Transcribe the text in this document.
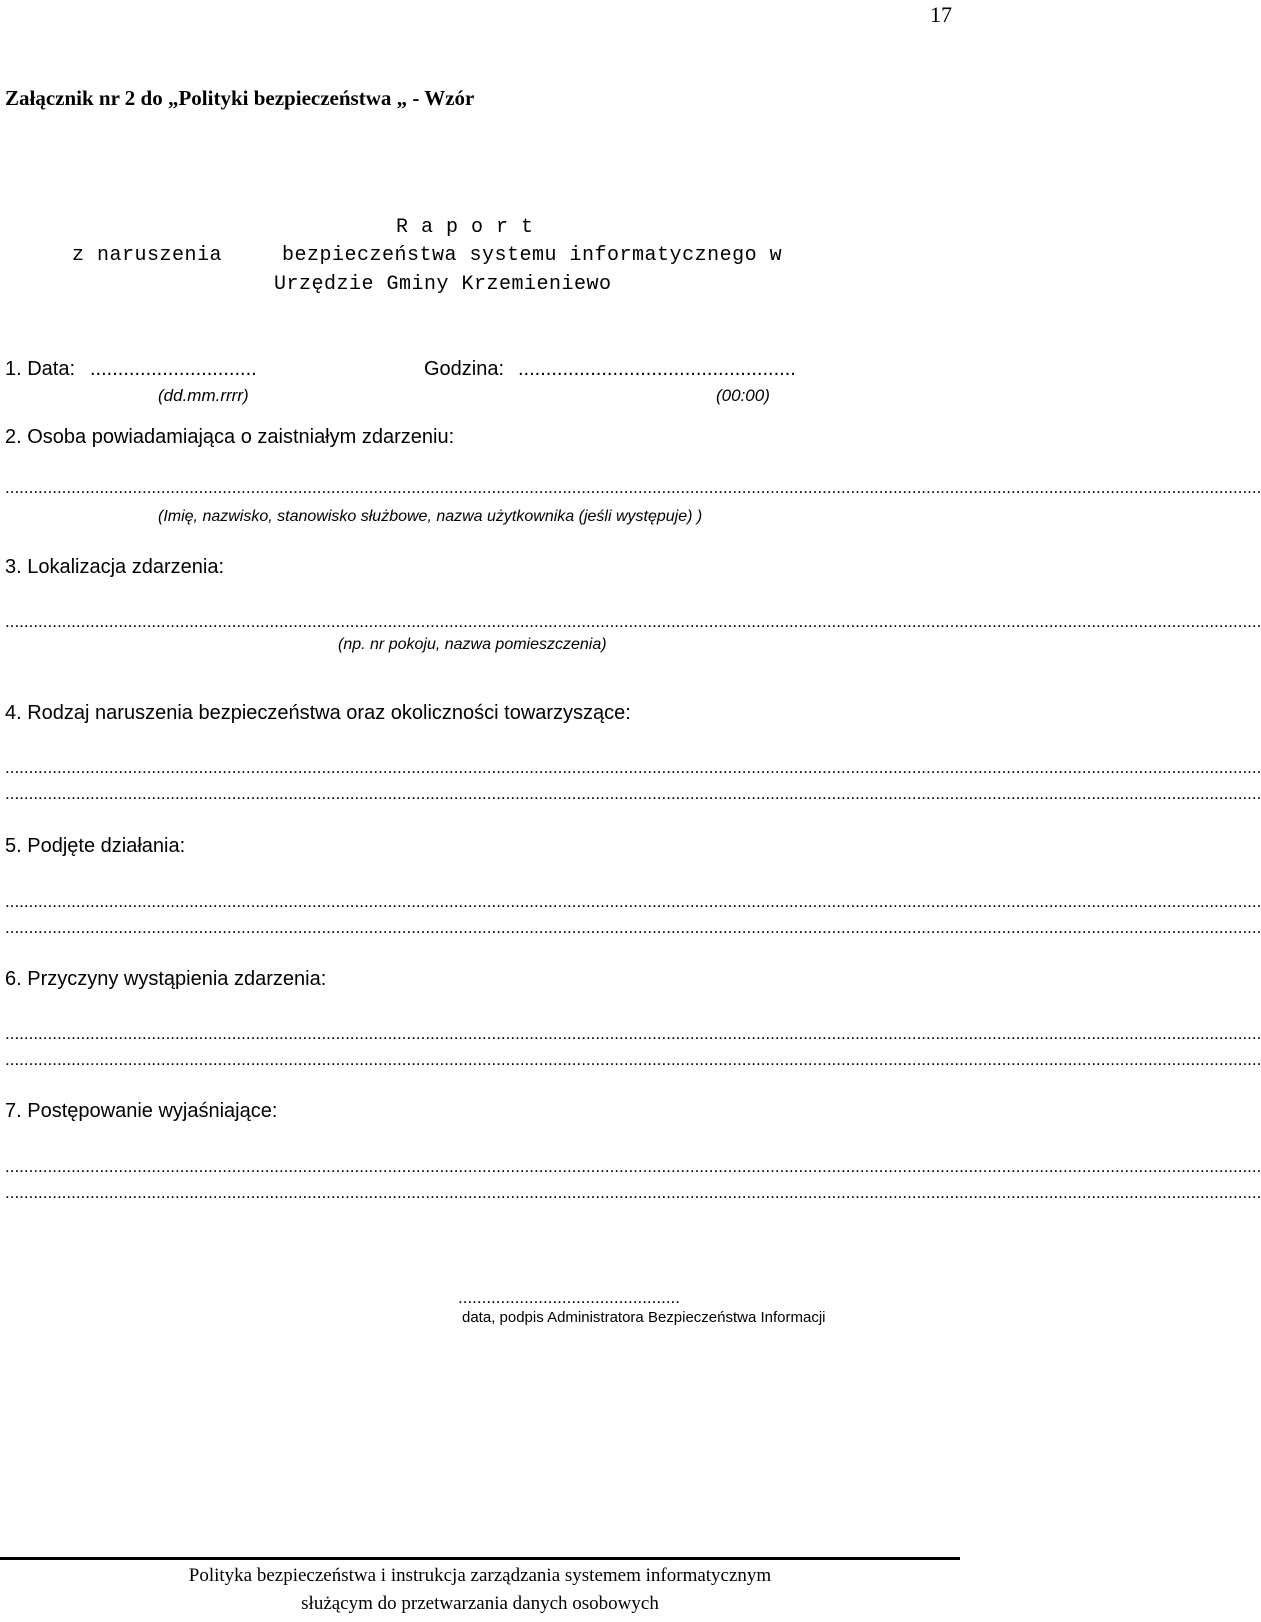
17
Załącznik nr 2 do „Polityki bezpieczeństwa „ - Wzór
R a p o r t
z naruszenia	bezpieczeństwa systemu informatycznego w
Urzędzie Gminy Krzemieniewo
1. Data: ..............................	Godzina: ..................................................
(dd.mm.rrrr)	(00:00)
2. Osoba powiadamiająca o zaistniałym zdarzeniu:
..........................................................................................................................................................................................................................................................................
(Imię, nazwisko, stanowisko służbowe, nazwa użytkownika (jeśli występuje) )
3. Lokalizacja zdarzenia:
..........................................................................................................................................................................................................................................................................
(np. nr pokoju, nazwa pomieszczenia)
4. Rodzaj naruszenia bezpieczeństwa oraz okoliczności towarzyszące:
..........................................................................................................................................................................................................................................................................
..........................................................................................................................................................................................................................................................................
5. Podjęte działania:
..........................................................................................................................................................................................................................................................................
..........................................................................................................................................................................................................................................................................
6. Przyczyny wystąpienia zdarzenia:
..........................................................................................................................................................................................................................................................................
..........................................................................................................................................................................................................................................................................
7. Postępowanie wyjaśniające:
..........................................................................................................................................................................................................................................................................
..........................................................................................................................................................................................................................................................................
...............................................
data, podpis Administratora Bezpieczeństwa Informacji
Polityka bezpieczeństwa i instrukcja zarządzania systemem informatycznym
służącym do przetwarzania danych osobowych
